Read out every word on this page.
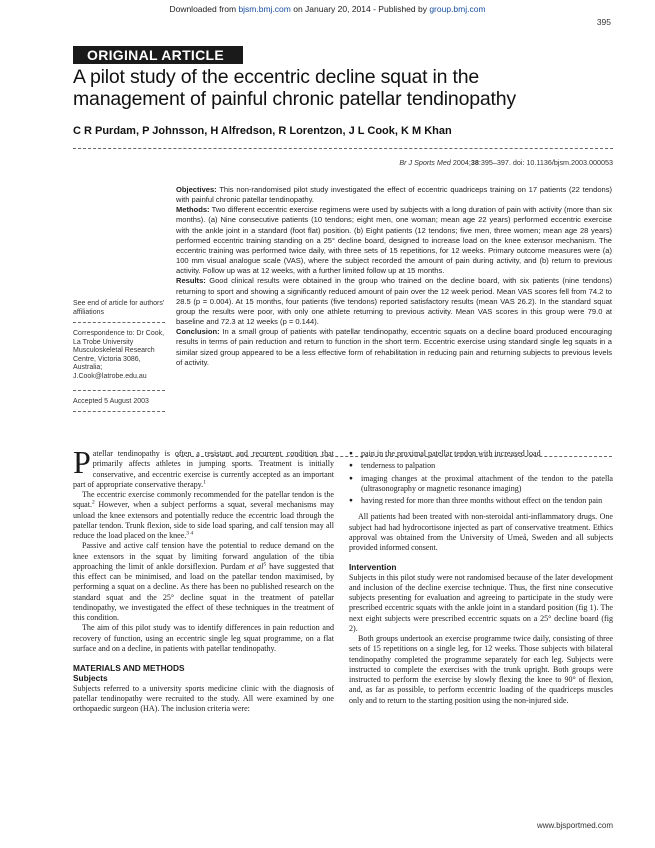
Downloaded from bjsm.bmj.com on January 20, 2014 - Published by group.bmj.com
395
ORIGINAL ARTICLE
A pilot study of the eccentric decline squat in the management of painful chronic patellar tendinopathy
C R Purdam, P Johnsson, H Alfredson, R Lorentzon, J L Cook, K M Khan
Br J Sports Med 2004;38:395–397. doi: 10.1136/bjsm.2003.000053
See end of article for authors' affiliations
Correspondence to: Dr Cook, La Trobe University Musculoskeletal Research Centre, Victoria 3086, Australia; J.Cook@latrobe.edu.au
Accepted 5 August 2003

Objectives: This non-randomised pilot study investigated the effect of eccentric quadriceps training on 17 patients (22 tendons) with painful chronic patellar tendinopathy.

Methods: Two different eccentric exercise regimens were used by subjects with a long duration of pain with activity (more than six months). (a) Nine consecutive patients (10 tendons; eight men, one woman; mean age 22 years) performed eccentric exercise with the ankle joint in a standard (foot flat) position. (b) Eight patients (12 tendons; five men, three women; mean age 28 years) performed eccentric training standing on a 25° decline board, designed to increase load on the knee extensor mechanism. The eccentric training was performed twice daily, with three sets of 15 repetitions, for 12 weeks. Primary outcome measures were (a) 100 mm visual analogue scale (VAS), where the subject recorded the amount of pain during activity, and (b) return to previous activity. Follow up was at 12 weeks, with a further limited follow up at 15 months.

Results: Good clinical results were obtained in the group who trained on the decline board, with six patients (nine tendons) returning to sport and showing a significantly reduced amount of pain over the 12 week period. Mean VAS scores fell from 74.2 to 28.5 (p = 0.004). At 15 months, four patients (five tendons) reported satisfactory results (mean VAS 26.2). In the standard squat group the results were poor, with only one athlete returning to previous activity. Mean VAS scores in this group were 79.0 at baseline and 72.3 at 12 weeks (p = 0.144).

Conclusion: In a small group of patients with patellar tendinopathy, eccentric squats on a decline board produced encouraging results in terms of pain reduction and return to function in the short term. Eccentric exercise using standard single leg squats in a similar sized group appeared to be a less effective form of rehabilitation in reducing pain and returning subjects to previous levels of activity.

Patellar tendinopathy is often a resistant and recurrent condition that primarily affects athletes in jumping sports. Treatment is initially conservative, and eccentric exercise is currently accepted as an important part of appropriate conservative therapy.$^1$

The eccentric exercise commonly recommended for the patellar tendon is the squat.$^2$ However, when a subject performs a squat, several mechanisms may unload the knee extensors and potentially reduce the eccentric load through the patellar tendon. Trunk flexion, side to side load sparing, and calf tension may all reduce the load placed on the knee.$^{3 4}$

Passive and active calf tension have the potential to reduce demand on the knee extensors in the squat by limiting forward angulation of the tibia approaching the limit of ankle dorsiflexion. Purdam et $al^5$ have suggested that this effect can be minimised, and load on the patellar tendon maximised, by performing a squat on a decline. As there has been no published research on the standard squat and the 25° decline squat in the treatment of patellar tendinopathy, we investigated the effect of these techniques in the treatment of this condition.

The aim of this pilot study was to identify differences in pain reduction and recovery of function, using an eccentric single leg squat programme, on a flat surface and on a decline, in patients with patellar tendinopathy.

MATERIALS AND METHODS

Subjects

Subjects referred to a university sports medicine clinic with the diagnosis of patellar tendinopathy were recruited to the study. All were examined by one orthopaedic surgeon (HA). The inclusion criteria were:

● pain in the proximal patellar tendon with increased load
● tenderness to palpation
● imaging changes at the proximal attachment of the tendon to the patella (ultrasonography or magnetic resonance imaging)
● having rested for more than three months without effect on the tendon pain

All patients had been treated with non-steroidal anti-inflammatory drugs. One subject had had hydrocortisone injected as part of conservative treatment. Ethics approval was obtained from the University of Umeå, Sweden and all subjects provided informed consent.

Intervention

Subjects in this pilot study were not randomised because of the later development and inclusion of the decline exercise technique. Thus, the first nine consecutive subjects presenting for evaluation and agreeing to participate in the study were prescribed eccentric squats with the ankle joint in a standard position (fig 1). The next eight subjects were prescribed eccentric squats on a 25° decline board (fig 2).

Both groups undertook an exercise programme twice daily, consisting of three sets of 15 repetitions on a single leg, for 12 weeks. Those subjects with bilateral tendinopathy completed the programme separately for each leg. Subjects were instructed to complete the exercises with the trunk upright. Both groups were instructed to perform the exercise by slowly flexing the knee to 90° of flexion, and, as far as possible, to perform eccentric loading of the quadriceps muscles only and to return to the starting position using the non-injured side.

www.bjsportmed.com
